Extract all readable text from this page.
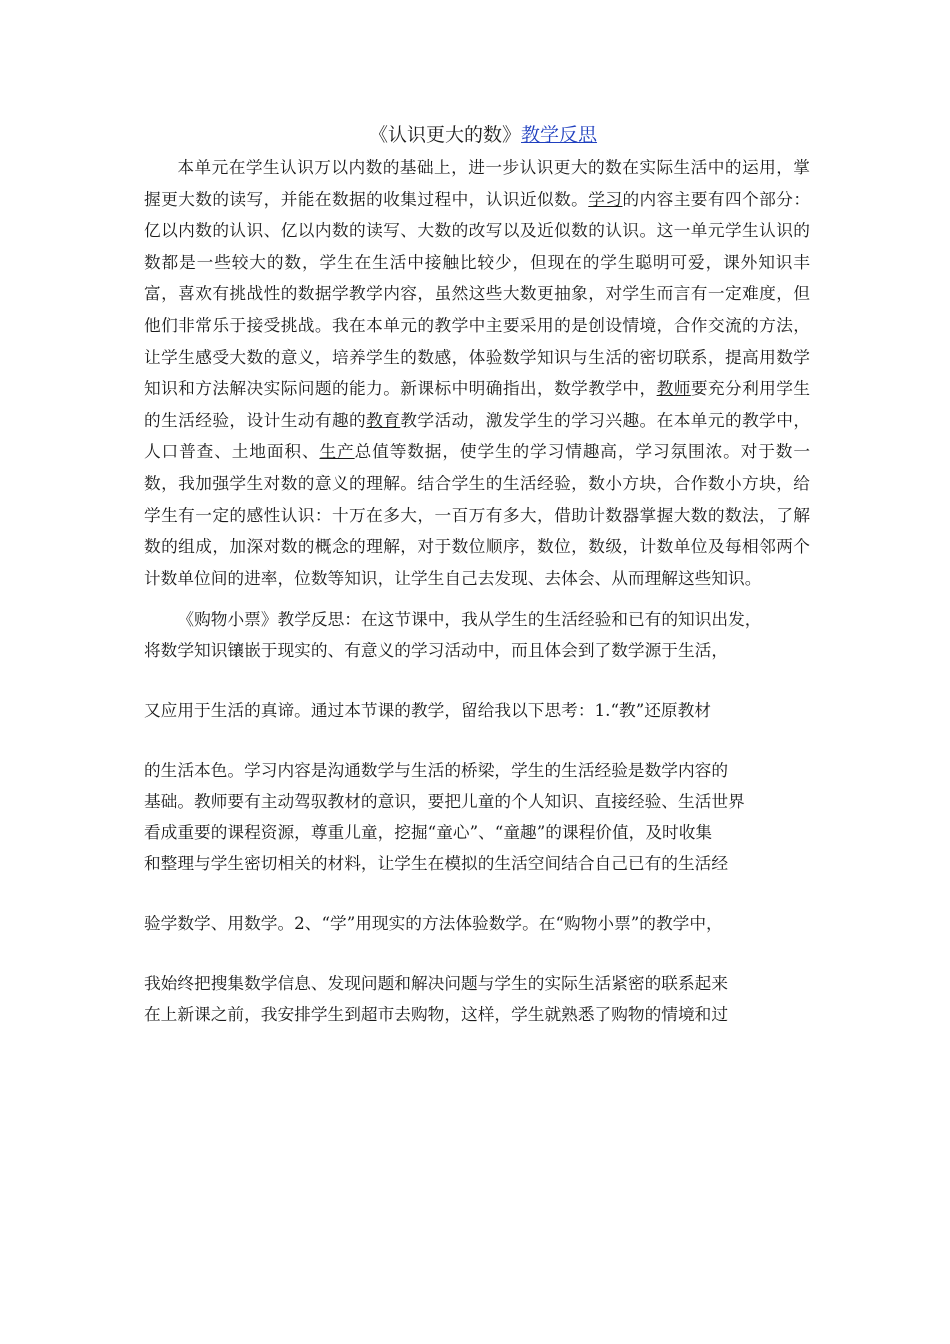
《认识更大的数》教学反思

本单元在学生认识万以内数的基础上，进一步认识更大的数在实际生活中的运用，掌握更大数的读写，并能在数据的收集过程中，认识近似数。学习的内容主要有四个部分：亿以内数的认识、亿以内数的读写、大数的改写以及近似数的认识。这一单元学生认识的数都是一些较大的数，学生在生活中接触比较少，但现在的学生聪明可爱，课外知识丰富，喜欢有挑战性的数据学教学内容，虽然这些大数更抽象，对学生而言有一定难度，但他们非常乐于接受挑战。我在本单元的教学中主要采用的是创设情境，合作交流的方法，让学生感受大数的意义，培养学生的数感，体验数学知识与生活的密切联系，提高用数学知识和方法解决实际问题的能力。新课标中明确指出，数学教学中，教师要充分利用学生的生活经验，设计生动有趣的教育教学活动，激发学生的学习兴趣。在本单元的教学中，人口普查、土地面积、生产总值等数据，使学生的学习情趣高，学习氛围浓。对于数一数，我加强学生对数的意义的理解。结合学生的生活经验，数小方块，合作数小方块，给学生有一定的感性认识：十万在多大，一百万有多大，借助计数器掌握大数的数法，了解数的组成，加深对数的概念的理解，对于数位顺序，数位，数级，计数单位及每相邻两个计数单位间的进率，位数等知识，让学生自己去发现、去体会、从而理解这些知识。

《购物小票》教学反思：在这节课中，我从学生的生活经验和已有的知识出发，
将数学知识镶嵌于现实的、有意义的学习活动中，而且体会到了数学源于生活，
又应用于生活的真谛。通过本节课的教学，留给我以下思考：1.“教”还原教材
的生活本色。学习内容是沟通数学与生活的桥梁，学生的生活经验是数学内容的
基础。教师要有主动驾驭教材的意识，要把儿童的个人知识、直接经验、生活世界
看成重要的课程资源，尊重儿童，挖掘“童心”、“童趣”的课程价值，及时收集
和整理与学生密切相关的材料，让学生在模拟的生活空间结合自己已有的生活经
验学数学、用数学。2、“学”用现实的方法体验数学。在“购物小票”的教学中，
我始终把搜集数学信息、发现问题和解决问题与学生的实际生活紧密的联系起来
在上新课之前，我安排学生到超市去购物，这样，学生就熟悉了购物的情境和过
